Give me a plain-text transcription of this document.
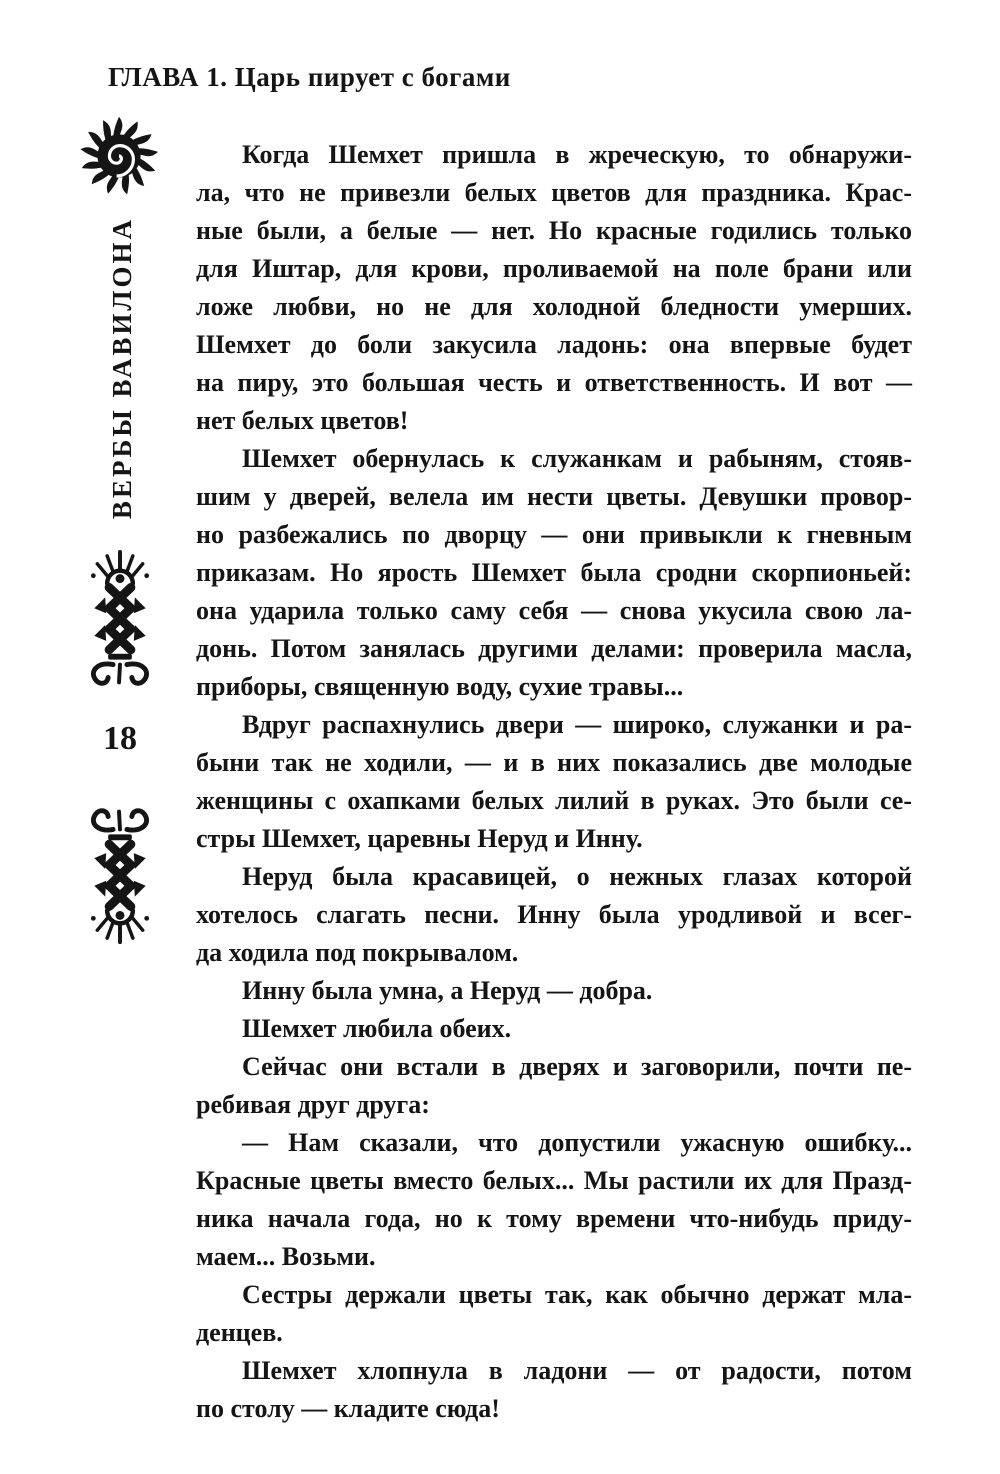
ГЛАВА 1. Царь пирует с богами
ВЕРБЫ ВАВИЛОНА
18
Когда Шемхет пришла в жреческую, то обнаружи-
ла, что не привезли белых цветов для праздника. Крас-
ные были, а белые — нет. Но красные годились только
для Иштар, для крови, проливаемой на поле брани или
ложе любви, но не для холодной бледности умерших.
Шемхет до боли закусила ладонь: она впервые будет
на пиру, это большая честь и ответственность. И вот —
нет белых цветов!
Шемхет обернулась к служанкам и рабыням, стояв-
шим у дверей, велела им нести цветы. Девушки провор-
но разбежались по дворцу — они привыкли к гневным
приказам. Но ярость Шемхет была сродни скорпионьей:
она ударила только саму себя — снова укусила свою ла-
донь. Потом занялась другими делами: проверила масла,
приборы, священную воду, сухие травы...
Вдруг распахнулись двери — широко, служанки и ра-
быни так не ходили, — и в них показались две молодые
женщины с охапками белых лилий в руках. Это были се-
стры Шемхет, царевны Неруд и Инну.
Неруд была красавицей, о нежных глазах которой
хотелось слагать песни. Инну была уродливой и всег-
да ходила под покрывалом.
Инну была умна, а Неруд — добра.
Шемхет любила обеих.
Сейчас они встали в дверях и заговорили, почти пе-
ребивая друг друга:
— Нам сказали, что допустили ужасную ошибку...
Красные цветы вместо белых... Мы растили их для Празд-
ника начала года, но к тому времени что-нибудь приду-
маем... Возьми.
Сестры держали цветы так, как обычно держат мла-
денцев.
Шемхет хлопнула в ладони — от радости, потом
по столу — кладите сюда!
